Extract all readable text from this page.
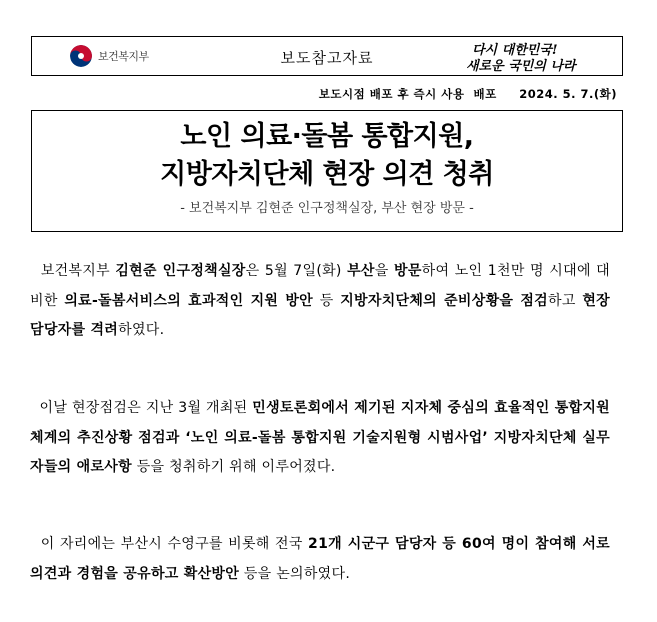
보건복지부	보도참고자료	다시 대한민국!
새로운 국민의 나라
보도시점 배포 후 즉시 사용  배포 2024. 5. 7.(화)
노인 의료·돌봄 통합지원,
지방자치단체 현장 의견 청취
- 보건복지부 김현준 인구정책실장, 부산 현장 방문 -
보건복지부 김현준 인구정책실장은 5월 7일(화) 부산을 방문하여 노인 1천만 명 시대에 대비한 의료-돌봄서비스의 효과적인 지원 방안 등 지방자치단체의 준비상황을 점검하고 현장 담당자를 격려하였다.
이날 현장점검은 지난 3월 개최된 민생토론회에서 제기된 지자체 중심의 효율적인 통합지원체계의 추진상황 점검과 ‘노인 의료-돌봄 통합지원 기술지원형 시범사업’ 지방자치단체 실무자들의 애로사항 등을 청취하기 위해 이루어졌다.
이 자리에는 부산시 수영구를 비롯해 전국 21개 시군구 담당자 등 60여 명이 참여해 서로 의견과 경험을 공유하고 확산방안 등을 논의하였다.
